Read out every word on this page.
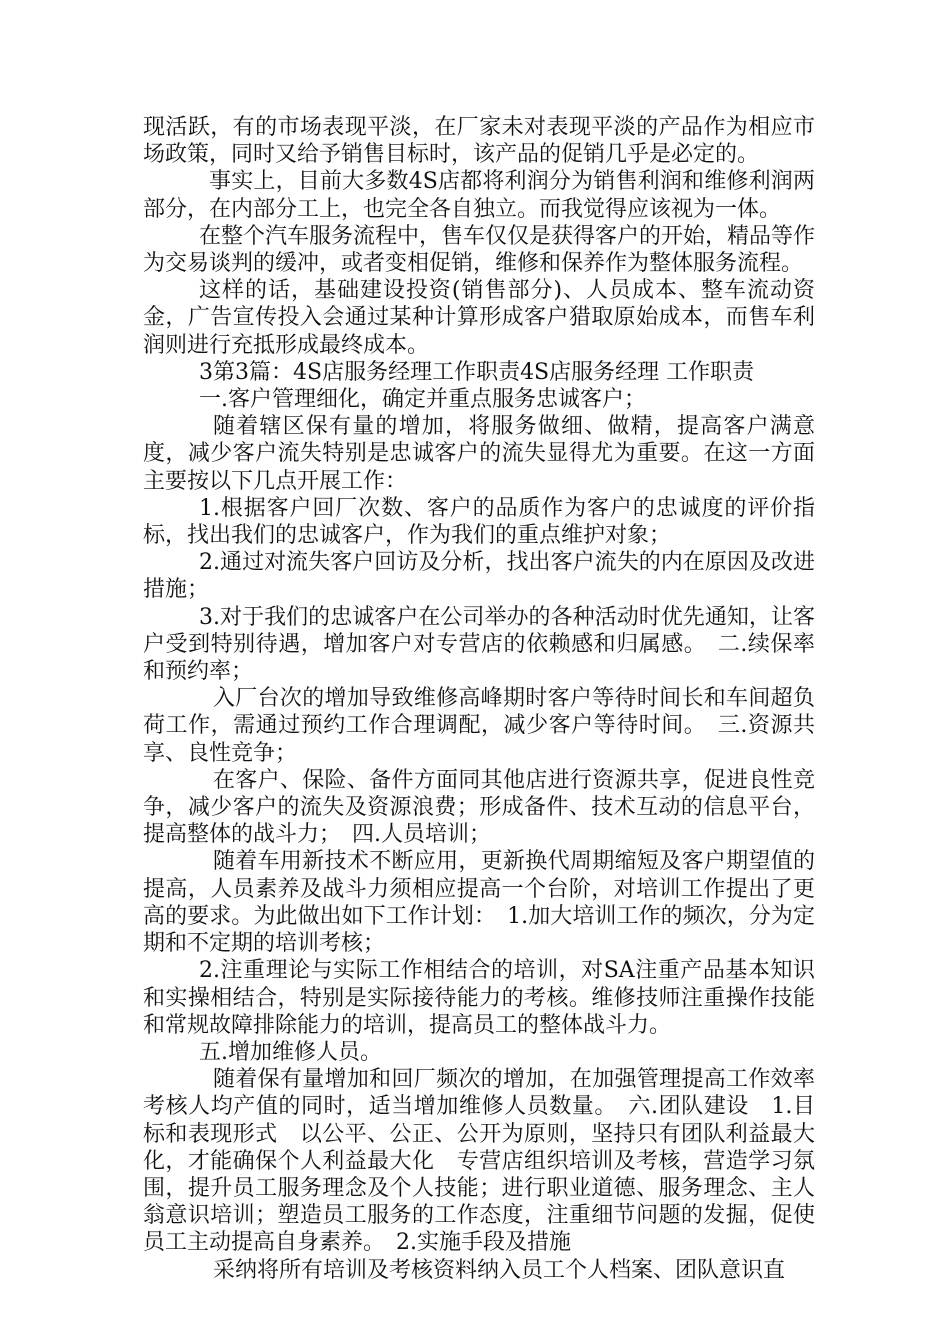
现活跃，有的市场表现平淡，在厂家未对表现平淡的产品作为相应市场政策，同时又给予销售目标时，该产品的促销几乎是必定的。

事实上，目前大多数4S店都将利润分为销售利润和维修利润两部分，在内部分工上，也完全各自独立。而我觉得应该视为一体。

在整个汽车服务流程中，售车仅仅是获得客户的开始，精品等作为交易谈判的缓冲，或者变相促销，维修和保养作为整体服务流程。

这样的话，基础建设投资(销售部分)、人员成本、整车流动资金，广告宣传投入会通过某种计算形成客户猎取原始成本，而售车利润则进行充抵形成最终成本。

3第3篇：4S店服务经理工作职责4S店服务经理 工作职责

一.客户管理细化，确定并重点服务忠诚客户；

随着辖区保有量的增加，将服务做细、做精，提高客户满意度，减少客户流失特别是忠诚客户的流失显得尤为重要。在这一方面主要按以下几点开展工作：

1.根据客户回厂次数、客户的品质作为客户的忠诚度的评价指标，找出我们的忠诚客户，作为我们的重点维护对象；

2.通过对流失客户回访及分析，找出客户流失的内在原因及改进措施；

3.对于我们的忠诚客户在公司举办的各种活动时优先通知，让客户受到特别待遇，增加客户对专营店的依赖感和归属感。　二.续保率和预约率；

入厂台次的增加导致维修高峰期时客户等待时间长和车间超负荷工作，需通过预约工作合理调配，减少客户等待时间。　三.资源共享、良性竞争；

在客户、保险、备件方面同其他店进行资源共享，促进良性竞争，减少客户的流失及资源浪费；形成备件、技术互动的信息平台，提高整体的战斗力；　四.人员培训；

随着车用新技术不断应用，更新换代周期缩短及客户期望值的提高，人员素养及战斗力须相应提高一个台阶，对培训工作提出了更高的要求。为此做出如下工作计划：　1.加大培训工作的频次，分为定期和不定期的培训考核；

2.注重理论与实际工作相结合的培训，对SA注重产品基本知识和实操相结合，特别是实际接待能力的考核。维修技师注重操作技能和常规故障排除能力的培训，提高员工的整体战斗力。

五.增加维修人员。

随着保有量增加和回厂频次的增加，在加强管理提高工作效率考核人均产值的同时，适当增加维修人员数量。　六.团队建设　1.目标和表现形式　以公平、公正、公开为原则，坚持只有团队利益最大化，才能确保个人利益最大化　专营店组织培训及考核，营造学习氛围，提升员工服务理念及个人技能；进行职业道德、服务理念、主人翁意识培训；塑造员工服务的工作态度，注重细节问题的发掘，促使员工主动提高自身素养。　2.实施手段及措施

采纳将所有培训及考核资料纳入员工个人档案、团队意识直
